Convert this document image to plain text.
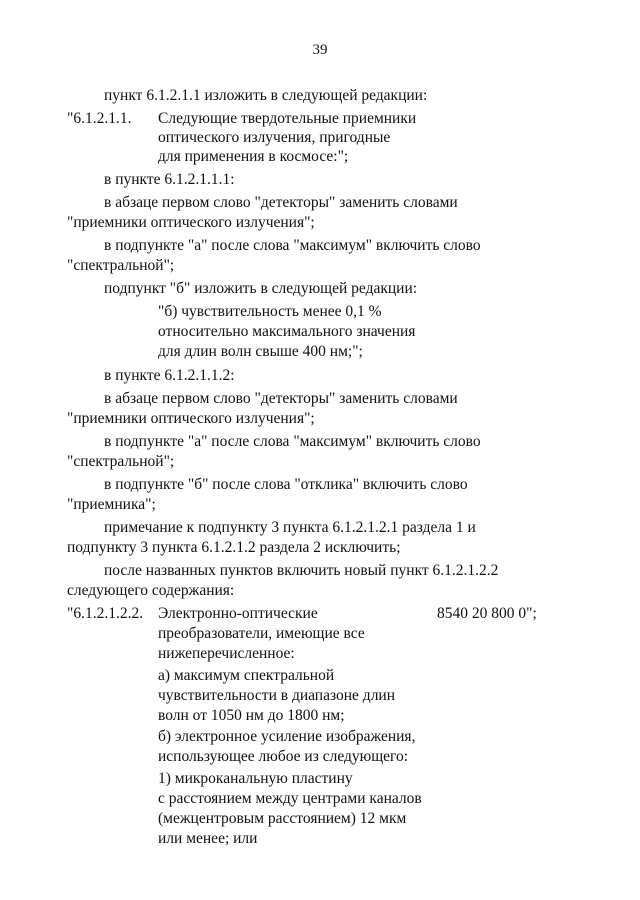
39
пункт 6.1.2.1.1 изложить в следующей редакции:
"6.1.2.1.1. Следующие твердотельные приемники
оптического излучения, пригодные
для применения в космосе:";
в пункте 6.1.2.1.1.1:
в абзаце первом слово "детекторы" заменить словами
"приемники оптического излучения";
в подпункте "а" после слова "максимум" включить слово
"спектральной";
подпункт "б" изложить в следующей редакции:
"б) чувствительность менее 0,1 %
относительно максимального значения
для длин волн свыше 400 нм;";
в пункте 6.1.2.1.1.2:
в абзаце первом слово "детекторы" заменить словами
"приемники оптического излучения";
в подпункте "а" после слова "максимум" включить слово
"спектральной";
в подпункте "б" после слова "отклика" включить слово
"приемника";
примечание к подпункту 3 пункта 6.1.2.1.2.1 раздела 1 и
подпункту 3 пункта 6.1.2.1.2 раздела 2 исключить;
после названных пунктов включить новый пункт 6.1.2.1.2.2
следующего содержания:
"6.1.2.1.2.2. Электронно-оптические	8540 20 800 0";
преобразователи, имеющие все
нижеперечисленное:
а) максимум спектральной
чувствительности в диапазоне длин
волн от 1050 нм до 1800 нм;
б) электронное усиление изображения,
использующее любое из следующего:
1) микроканальную пластину
с расстоянием между центрами каналов
(межцентровым расстоянием) 12 мкм
или менее; или
